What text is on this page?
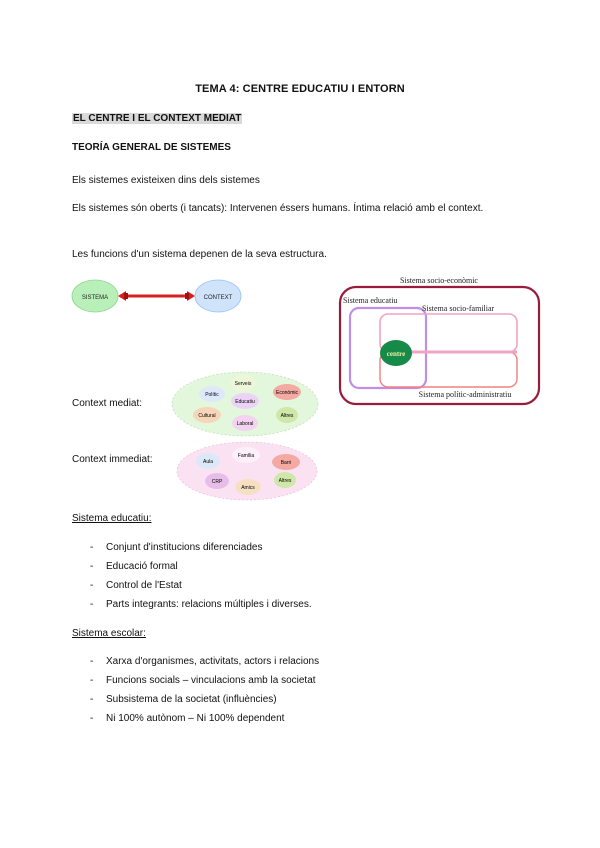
TEMA 4: CENTRE EDUCATIU I ENTORN
EL CENTRE I EL CONTEXT MEDIAT
TEORÍA GENERAL DE SISTEMES
Els sistemes existeixen dins dels sistemes
Els sistemes són oberts (i tancats): Intervenen éssers humans. Íntima relació amb el context.
Les funcions d'un sistema depenen de la seva estructura.
SISTEMA	CONTEXT
Sistema socio-econòmic
Sistema educatiu
Sistema socio-familiar
centre
Sistema polític-administratiu
Context mediat:
Serveis
Polític	Econòmic
Educatiu
Cultural	Altres
Laboral
Context immediat:	Família
Aula	Barri
Altres
CRP
Amics
Sistema educatiu:
- Conjunt d'institucions diferenciades
- Educació formal
- Control de l'Estat
- Parts integrants: relacions múltiples i diverses.
Sistema escolar:
- Xarxa d'organismes, activitats, actors i relacions
- Funcions socials – vinculacions amb la societat
- Subsistema de la societat (influències)
- Ni 100% autònom – Ni 100% dependent
